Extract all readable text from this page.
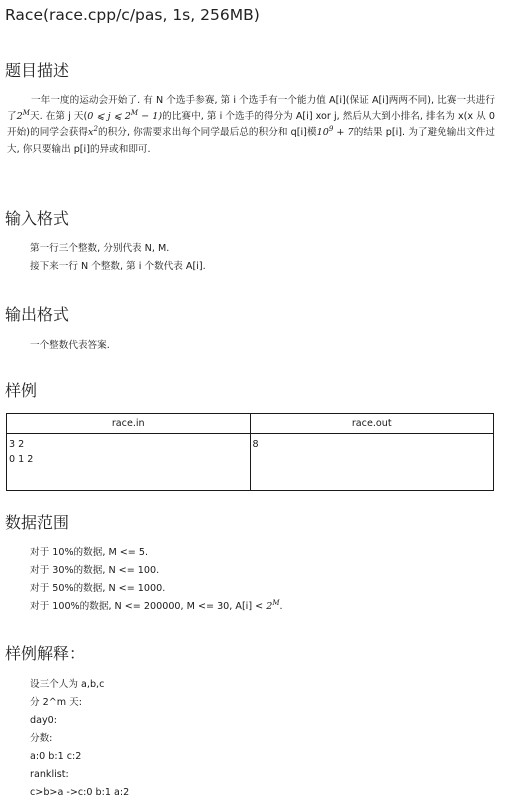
Race(race.cpp/c/pas, 1s, 256MB)
题目描述
一年一度的运动会开始了. 有 N 个选手参赛, 第 i 个选手有一个能力值 A[i](保证 A[i]两两不同), 比赛一共进行了$2^M$天. 在第 j 天(0 ⩽ j ⩽ $2^M - 1$)的比赛中, 第 i 个选手的得分为 A[i] xor j, 然后从大到小排名, 排名为 x(x 从 0 开始)的同学会获得$x^2$的积分, 你需要求出每个同学最后总的积分和 q[i]模$10^9 + 7$的结果 p[i]. 为了避免输出文件过大, 你只要输出 p[i]的异或和即可.
输入格式
第一行三个整数, 分别代表 N, M.
接下来一行 N 个整数, 第 i 个数代表 A[i].
输出格式
一个整数代表答案.
样例
race.in	race.out
3 2
0 1 2	8
数据范围
对于 10%的数据, M <= 5.
对于 30%的数据, N <= 100.
对于 50%的数据, N <= 1000.
对于 100%的数据, N <= 200000, M <= 30, $A[i] < 2^M$.
样例解释：
设三个人为 a,b,c
分 2^m 天:
day0:
分数:
a:0 b:1 c:2
ranklist:
c>b>a ->c:0 b:1 a:2
